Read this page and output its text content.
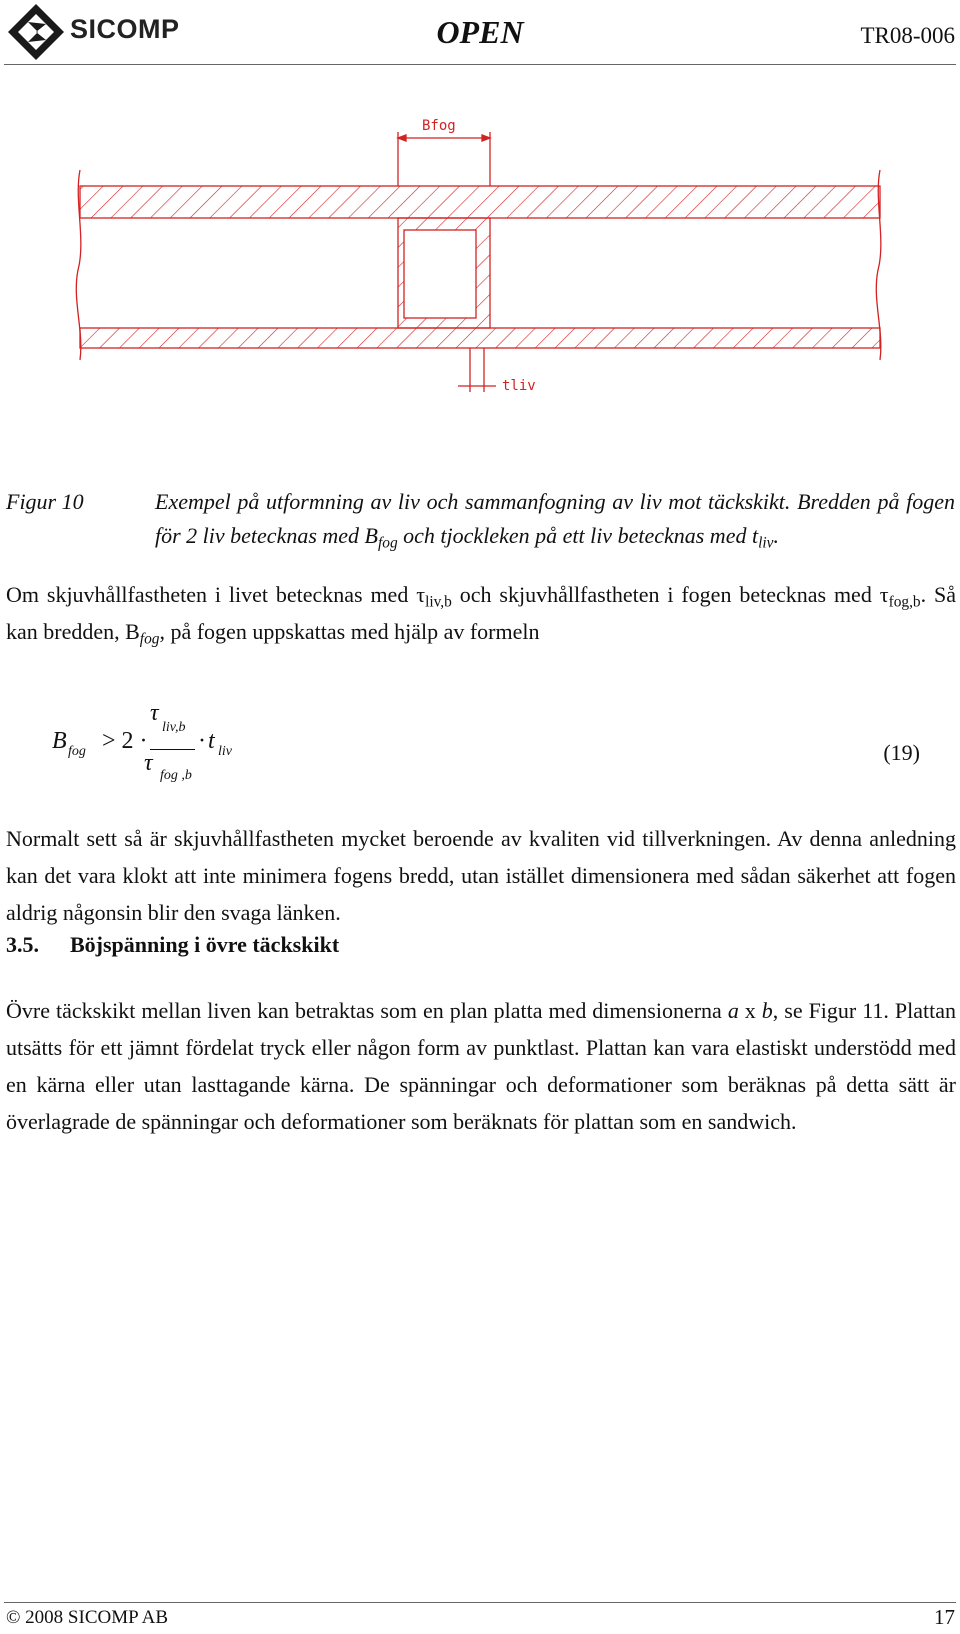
SICOMP	OPEN	TR08-006
Bfog
tliv
Figur 10	Exempel på utformning av liv och sammanfogning av liv mot täckskikt. Bredden på fogen för 2 liv betecknas med $B_{fog}$ och tjockleken på ett liv betecknas med $t_{liv}$.
Om skjuvhållfastheten i livet betecknas med $\tau_{liv,b}$ och skjuvhållfastheten i fogen betecknas med $\tau_{fog,b}$. Så kan bredden, $B_{fog}$, på fogen uppskattas med hjälp av formeln
B fog > 2 ·
τ
liv,b
τ fog ,b
· t liv	(19)
Normalt sett så är skjuvhållfastheten mycket beroende av kvaliten vid tillverkningen. Av denna anledning kan det vara klokt att inte minimera fogens bredd, utan istället dimensionera med sådan säkerhet att fogen aldrig någonsin blir den svaga länken.
3.5. Böjspänning i övre täckskikt
Övre täckskikt mellan liven kan betraktas som en plan platta med dimensionerna a x b, se Figur 11. Plattan utsätts för ett jämnt fördelat tryck eller någon form av punktlast. Plattan kan vara elastiskt understödd med en kärna eller utan lasttagande kärna. De spänningar och deformationer som beräknas på detta sätt är överlagrade de spänningar och deformationer som beräknats för plattan som en sandwich.
© 2008 SICOMP AB	17
